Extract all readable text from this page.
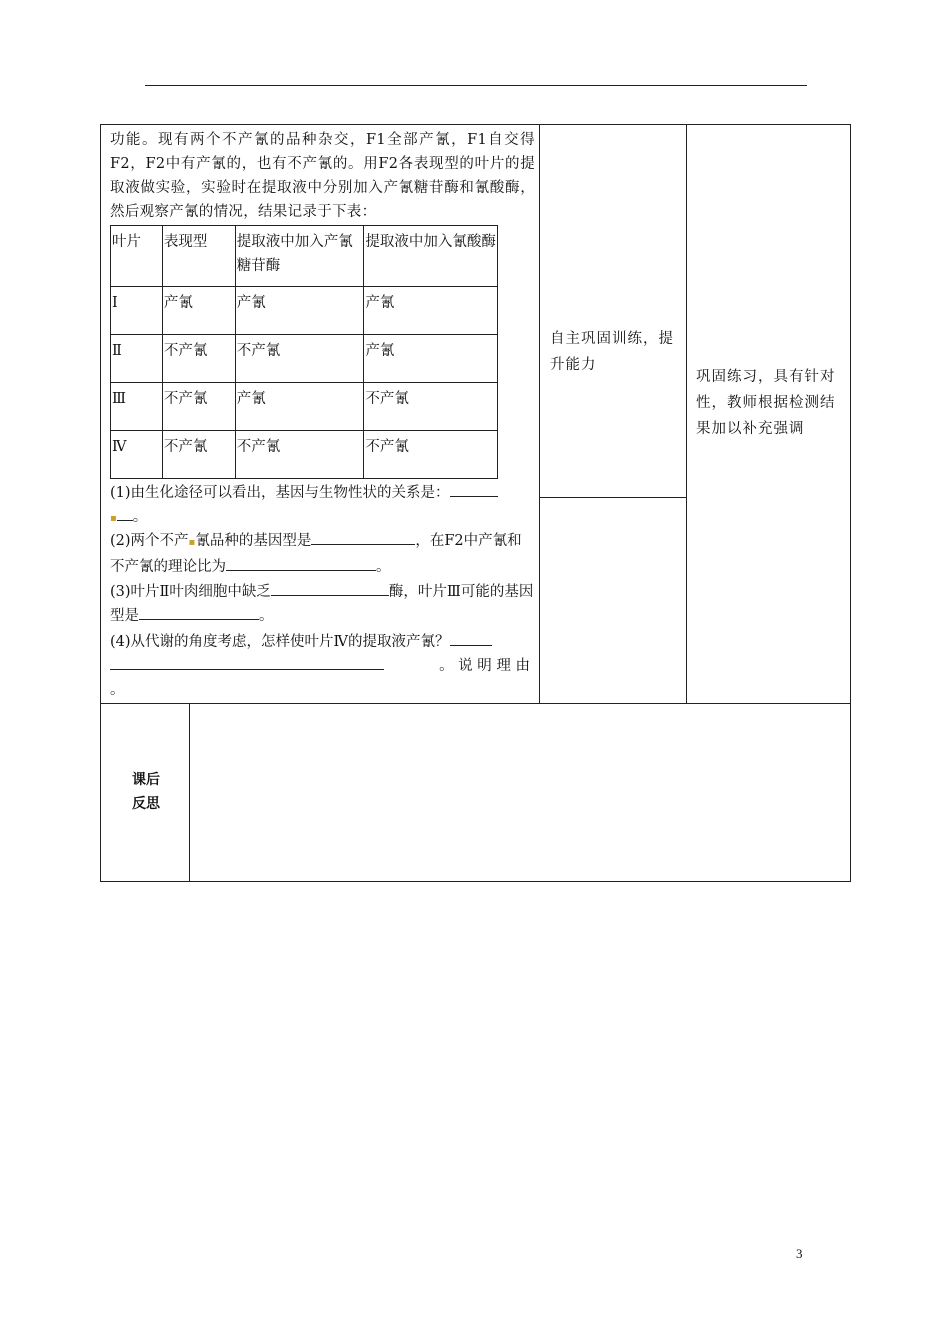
功能。现有两个不产氰的品种杂交，F1全部产氰，F1自交得F2，F2中有产氰的，也有不产氰的。用F2各表现型的叶片的提取液做实验，实验时在提取液中分别加入产氰糖苷酶和氰酸酶，然后观察产氰的情况，结果记录于下表：
叶片	表现型	提取液中加入产氰糖苷酶	提取液中加入氰酸酶
Ⅰ	产氰	产氰	产氰
Ⅱ	不产氰	不产氰	产氰
Ⅲ	不产氰	产氰	不产氰
Ⅳ	不产氰	不产氰	不产氰
(1)由生化途径可以看出，基因与生物性状的关系是：
▪ 。
(2)两个不产▪氰品种的基因型是	，在F2中产氰和不产氰的理论比为	。
(3)叶片Ⅱ叶肉细胞中缺乏	酶，叶片Ⅲ可能的基因型是	。
(4)从代谢的角度考虑，怎样使叶片Ⅳ的提取液产氰？
。 说 明 理 由
。
自主巩固训练，提升能力
巩固练习，具有针对性，教师根据检测结果加以补充强调
课后
反思
3
